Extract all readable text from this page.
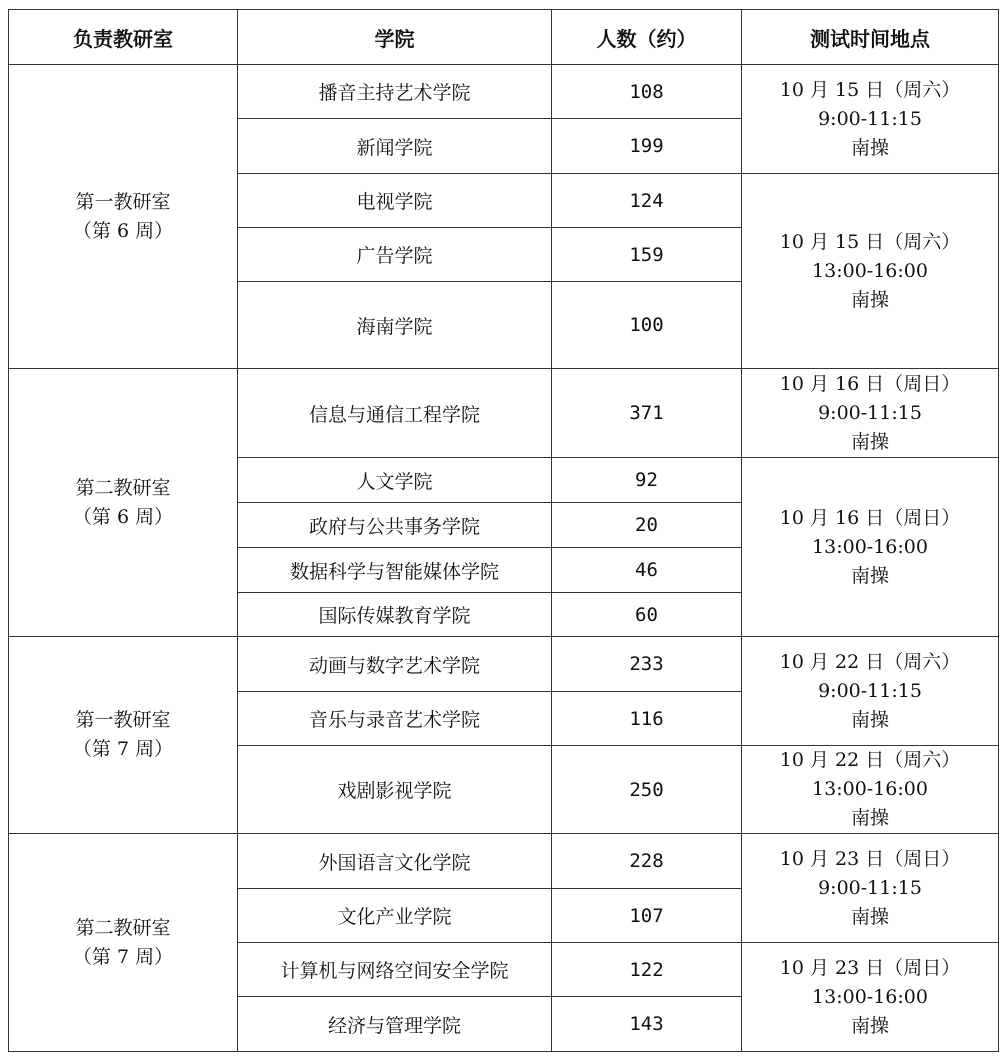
负责教研室	学院	人数（约）	测试时间地点

第一教研室
（第 6 周）	播音主持艺术学院	108	10 月 15 日（周六）
9:00-11:15
南操

	新闻学院	199	
	电视学院	124	10 月 15 日（周六）
13:00-16:00
南操

	广告学院	159	
	海南学院	100	

第二教研室
（第 6 周）	信息与通信工程学院	371	10 月 16 日（周日）
9:00-11:15
南操

	人文学院	92	10 月 16 日（周日）
13:00-16:00
南操

	政府与公共事务学院	20	
	数据科学与智能媒体学院	46	
	国际传媒教育学院	60	

第一教研室
（第 7 周）	动画与数字艺术学院	233	10 月 22 日（周六）
9:00-11:15
南操

	音乐与录音艺术学院	116	
	戏剧影视学院	250	10 月 22 日（周六）
13:00-16:00
南操

第二教研室
（第 7 周）	外国语言文化学院	228	10 月 23 日（周日）
9:00-11:15
南操

	文化产业学院	107	
	计算机与网络空间安全学院	122	10 月 23 日（周日）
13:00-16:00
南操

	经济与管理学院	143	
